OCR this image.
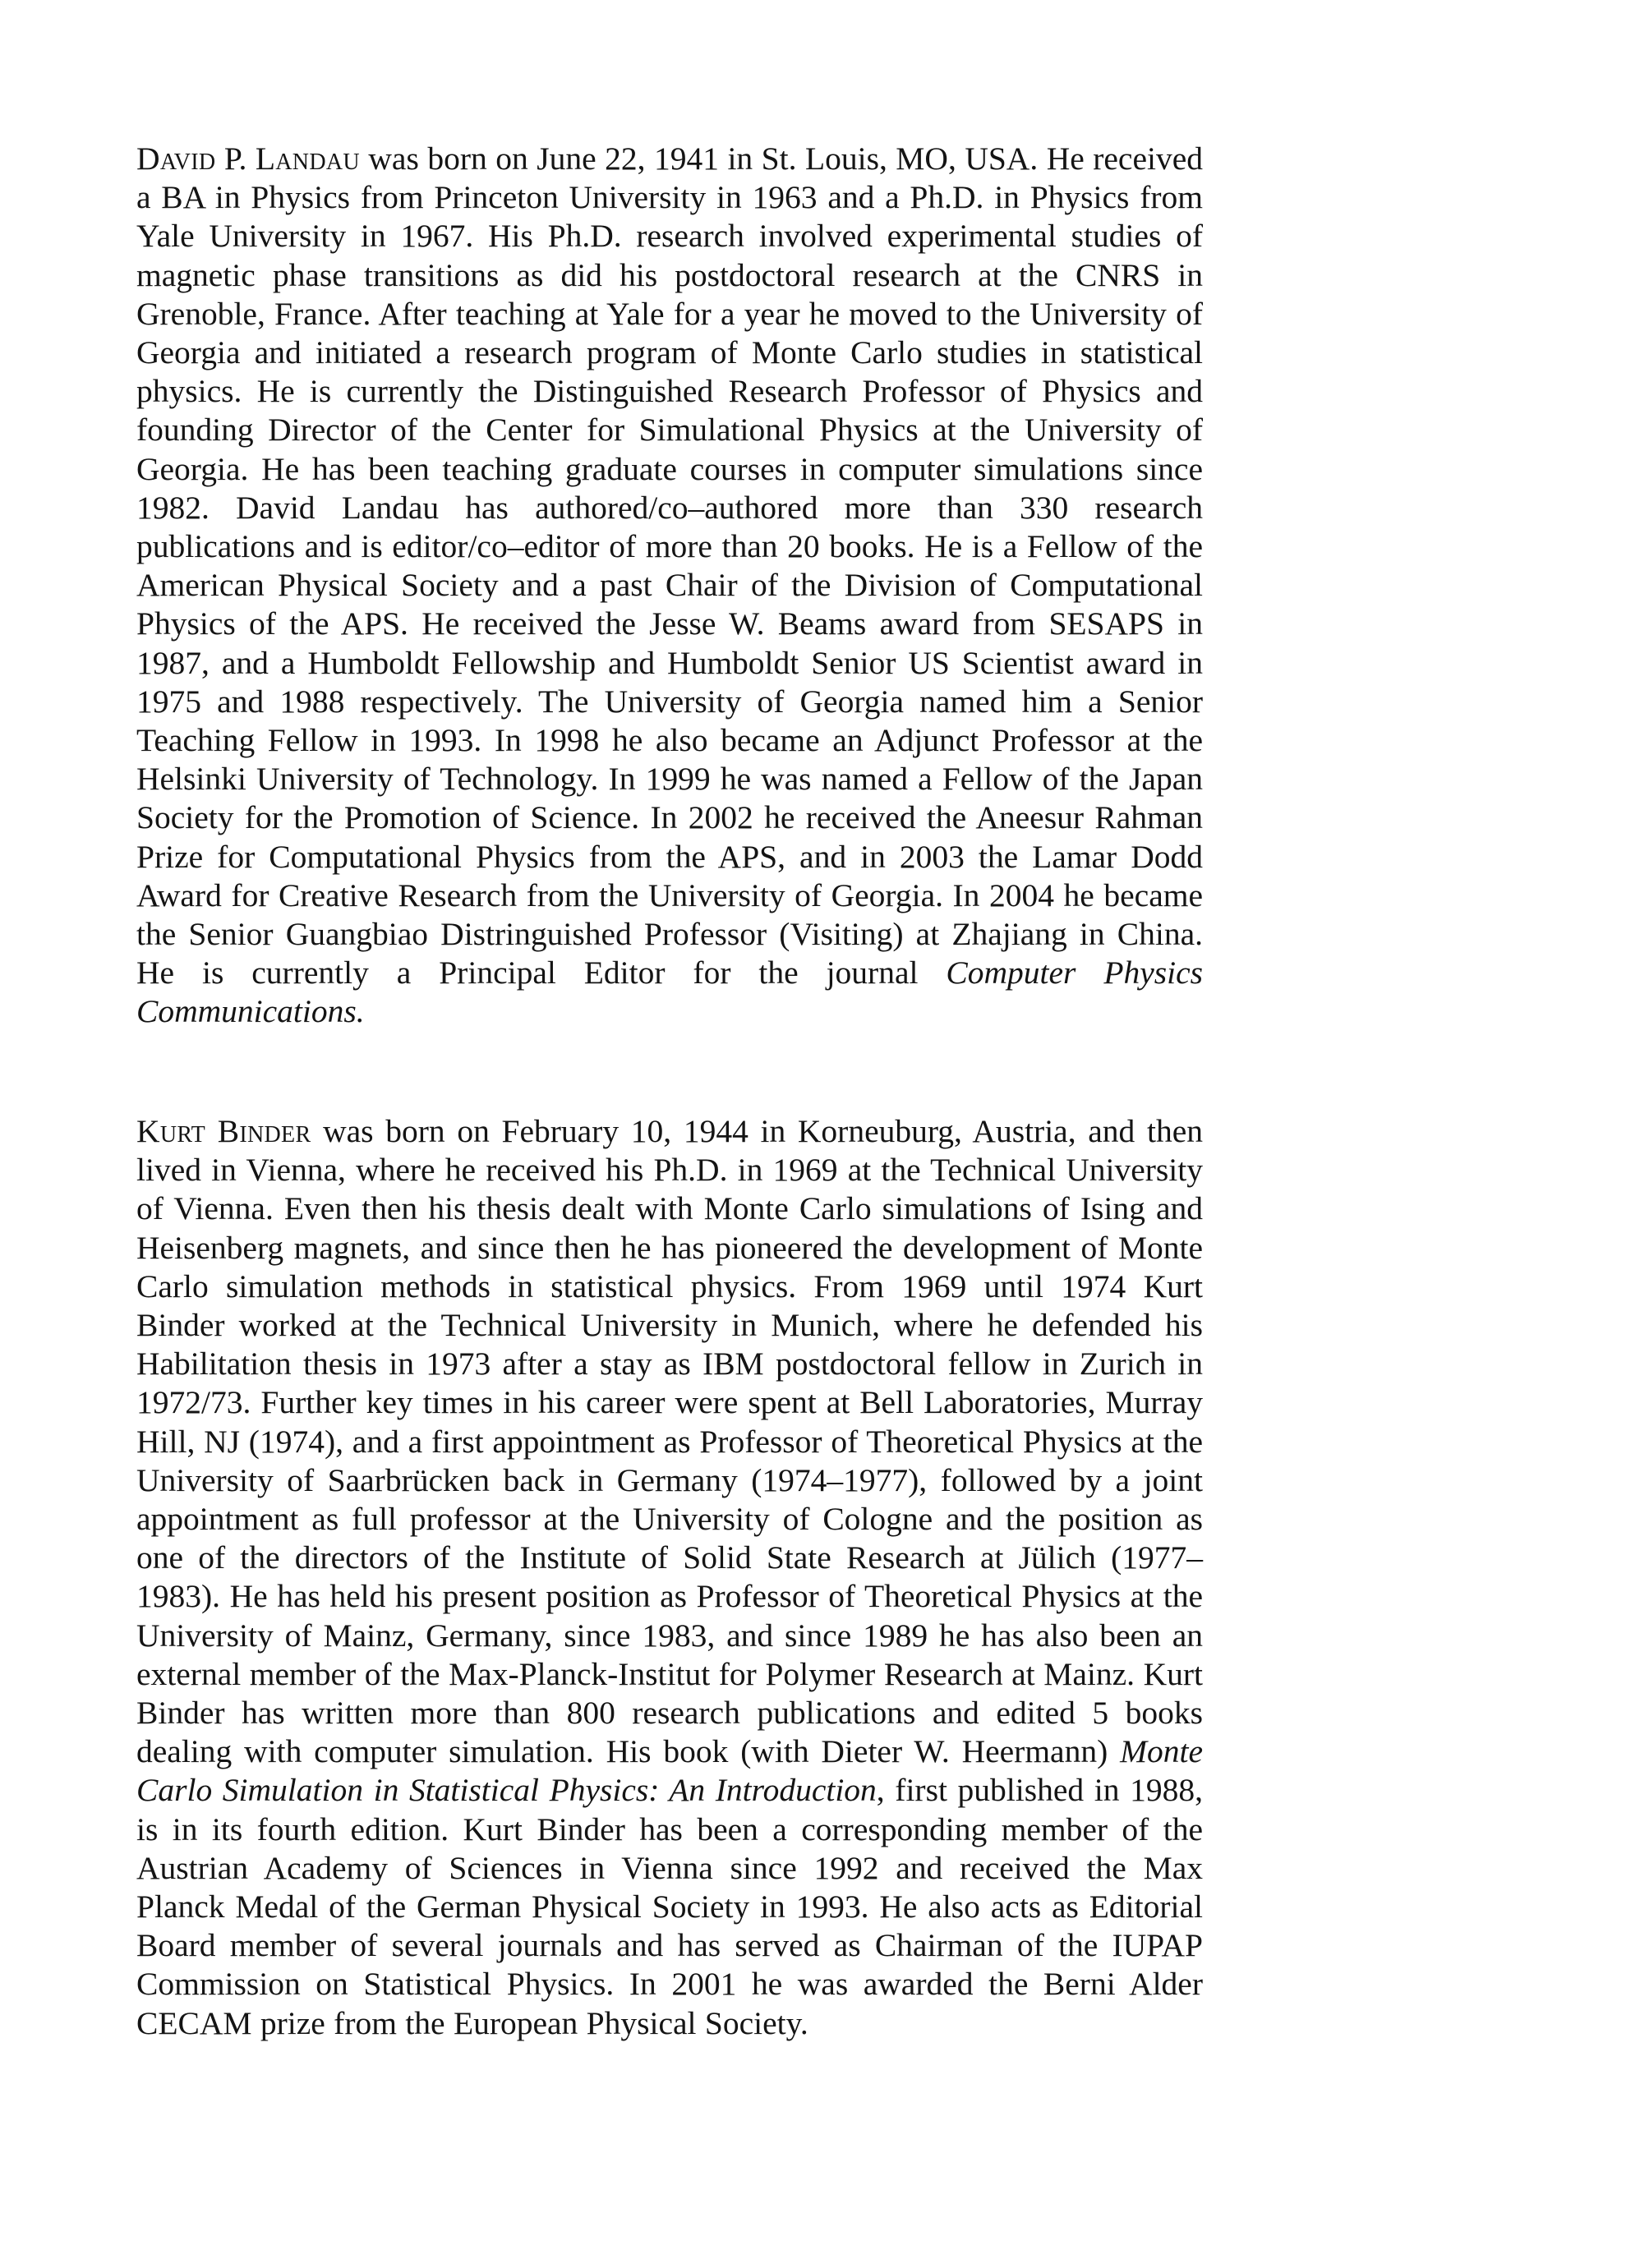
David P. Landau was born on June 22, 1941 in St. Louis, MO, USA. He received a BA in Physics from Princeton University in 1963 and a Ph.D. in Physics from Yale University in 1967. His Ph.D. research involved experimental studies of magnetic phase transitions as did his postdoctoral research at the CNRS in Grenoble, France. After teaching at Yale for a year he moved to the University of Georgia and initiated a research program of Monte Carlo studies in statistical physics. He is currently the Distinguished Research Professor of Physics and founding Director of the Center for Simulational Physics at the University of Georgia. He has been teaching graduate courses in computer simulations since 1982. David Landau has authored/co–authored more than 330 research publications and is editor/co–editor of more than 20 books. He is a Fellow of the American Physical Society and a past Chair of the Division of Computational Physics of the APS. He received the Jesse W. Beams award from SESAPS in 1987, and a Humboldt Fellowship and Humboldt Senior US Scientist award in 1975 and 1988 respectively. The University of Georgia named him a Senior Teaching Fellow in 1993. In 1998 he also became an Adjunct Professor at the Helsinki University of Technology. In 1999 he was named a Fellow of the Japan Society for the Promotion of Science. In 2002 he received the Aneesur Rahman Prize for Computational Physics from the APS, and in 2003 the Lamar Dodd Award for Creative Research from the University of Georgia. In 2004 he became the Senior Guangbiao Distringuished Professor (Visiting) at Zhajiang in China. He is currently a Principal Editor for the journal Computer Physics Communications.

Kurt Binder was born on February 10, 1944 in Korneuburg, Austria, and then lived in Vienna, where he received his Ph.D. in 1969 at the Technical University of Vienna. Even then his thesis dealt with Monte Carlo simulations of Ising and Heisenberg magnets, and since then he has pioneered the development of Monte Carlo simulation methods in statistical physics. From 1969 until 1974 Kurt Binder worked at the Technical University in Munich, where he defended his Habilitation thesis in 1973 after a stay as IBM postdoctoral fellow in Zurich in 1972/73. Further key times in his career were spent at Bell Laboratories, Murray Hill, NJ (1974), and a first appointment as Professor of Theoretical Physics at the University of Saarbrücken back in Germany (1974–1977), followed by a joint appointment as full professor at the University of Cologne and the position as one of the directors of the Institute of Solid State Research at Jülich (1977–1983). He has held his present position as Professor of Theoretical Physics at the University of Mainz, Germany, since 1983, and since 1989 he has also been an external member of the Max-Planck-Institut for Polymer Research at Mainz. Kurt Binder has written more than 800 research publications and edited 5 books dealing with computer simulation. His book (with Dieter W. Heermann) Monte Carlo Simulation in Statistical Physics: An Introduction, first published in 1988, is in its fourth edition. Kurt Binder has been a corresponding member of the Austrian Academy of Sciences in Vienna since 1992 and received the Max Planck Medal of the German Physical Society in 1993. He also acts as Editorial Board member of several journals and has served as Chairman of the IUPAP Commission on Statistical Physics. In 2001 he was awarded the Berni Alder CECAM prize from the European Physical Society.
